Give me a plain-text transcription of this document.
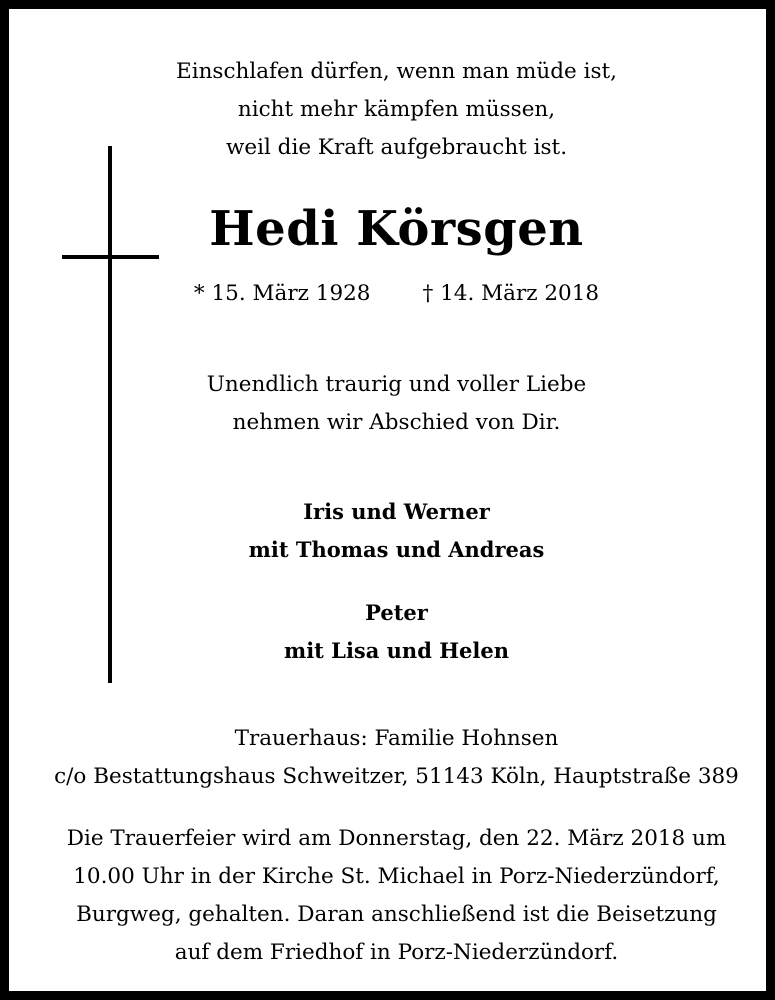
Einschlafen dürfen, wenn man müde ist,
nicht mehr kämpfen müssen,
weil die Kraft aufgebraucht ist.
Hedi Körsgen
* 15. März 1928 † 14. März 2018
Unendlich traurig und voller Liebe
nehmen wir Abschied von Dir.
Iris und Werner
mit Thomas und Andreas
Peter
mit Lisa und Helen
Trauerhaus: Familie Hohnsen
c/o Bestattungshaus Schweitzer, 51143 Köln, Hauptstraße 389
Die Trauerfeier wird am Donnerstag, den 22. März 2018 um
10.00 Uhr in der Kirche St. Michael in Porz-Niederzündorf,
Burgweg, gehalten. Daran anschließend ist die Beisetzung
auf dem Friedhof in Porz-Niederzündorf.
